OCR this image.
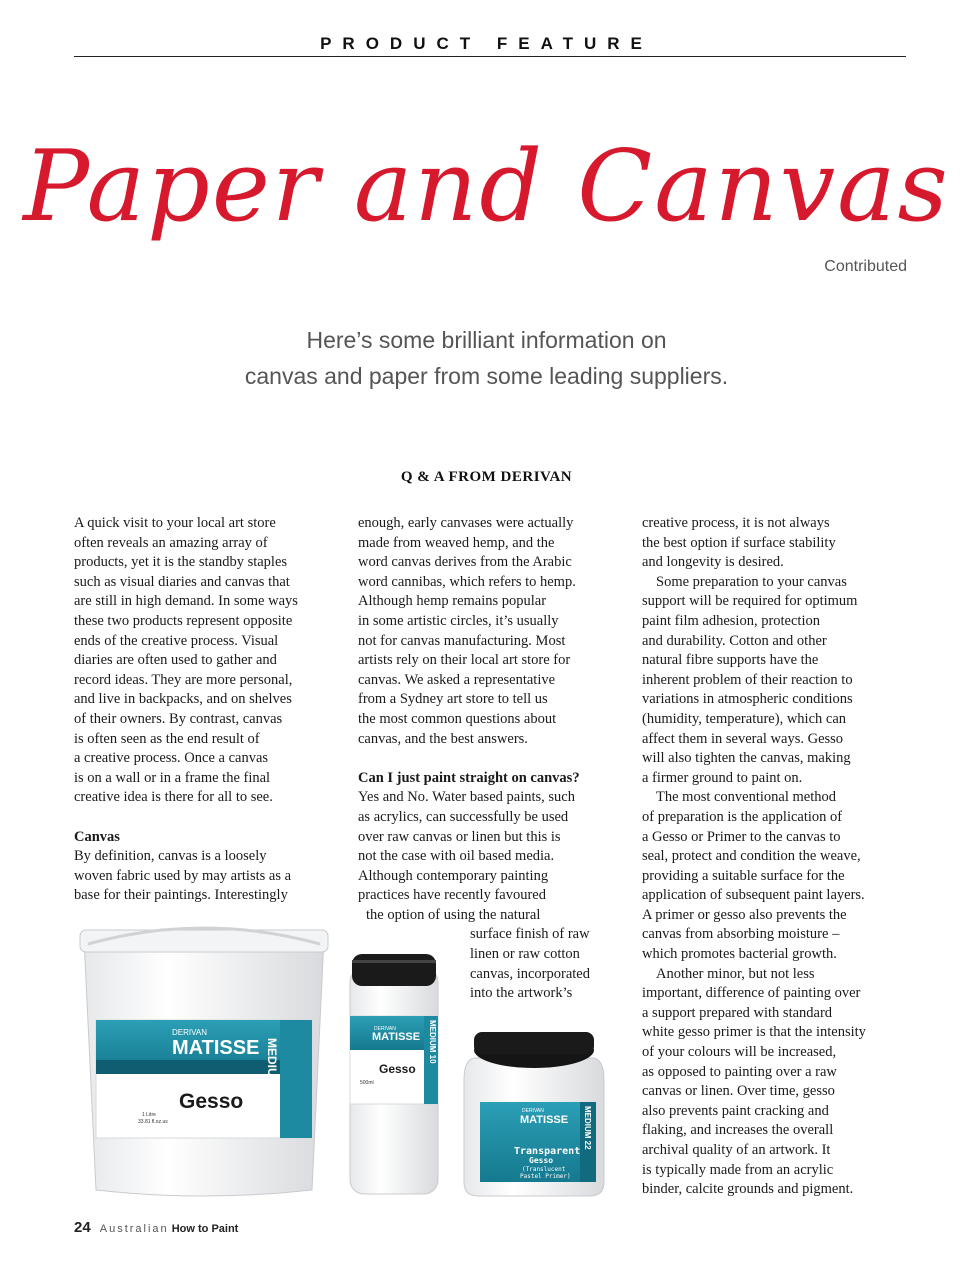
PRODUCT FEATURE
Paper and Canvas
Contributed
Here’s some brilliant information on
canvas and paper from some leading suppliers.
Q & A FROM DERIVAN
A quick visit to your local art store
often reveals an amazing array of
products, yet it is the standby staples
such as visual diaries and canvas that
are still in high demand. In some ways
these two products represent opposite
ends of the creative process. Visual
diaries are often used to gather and
record ideas. They are more personal,
and live in backpacks, and on shelves
of their owners. By contrast, canvas
is often seen as the end result of
a creative process. Once a canvas
is on a wall or in a frame the final
creative idea is there for all to see.
Canvas
By definition, canvas is a loosely
woven fabric used by may artists as a
base for their paintings. Interestingly
enough, early canvases were actually
made from weaved hemp, and the
word canvas derives from the Arabic
word cannibas, which refers to hemp.
Although hemp remains popular
in some artistic circles, it’s usually
not for canvas manufacturing. Most
artists rely on their local art store for
canvas. We asked a representative
from a Sydney art store to tell us
the most common questions about
canvas, and the best answers.
Can I just paint straight on canvas?
Yes and No. Water based paints, such
as acrylics, can successfully be used
over raw canvas or linen but this is
not the case with oil based media.
Although contemporary painting
practices have recently favoured
the option of using the natural
surface finish of raw
linen or raw cotton
canvas, incorporated
into the artwork’s
creative process, it is not always
the best option if surface stability
and longevity is desired.
Some preparation to your canvas
support will be required for optimum
paint film adhesion, protection
and durability. Cotton and other
natural fibre supports have the
inherent problem of their reaction to
variations in atmospheric conditions
(humidity, temperature), which can
affect them in several ways. Gesso
will also tighten the canvas, making
a firmer ground to paint on.
The most conventional method
of preparation is the application of
a Gesso or Primer to the canvas to
seal, protect and condition the weave,
providing a suitable surface for the
application of subsequent paint layers.
A primer or gesso also prevents the
canvas from absorbing moisture –
which promotes bacterial growth.
Another minor, but not less
important, difference of painting over
a support prepared with standard
white gesso primer is that the intensity
of your colours will be increased,
as opposed to painting over a raw
canvas or linen. Over time, gesso
also prevents paint cracking and
flaking, and increases the overall
archival quality of an artwork. It
is typically made from an acrylic
binder, calcite grounds and pigment.
DERIVAN
MATISSE
Gesso MEDIUM 10
1 Litre
33.81 fl.oz.us
DERIVAN
MATISSE
Gesso
500ml
MEDIUM 10
DERIVAN
MATISSE
Transparent
Gesso
(Translucent
Pastel Primer)
MEDIUM 22
24 Australian How to Paint
